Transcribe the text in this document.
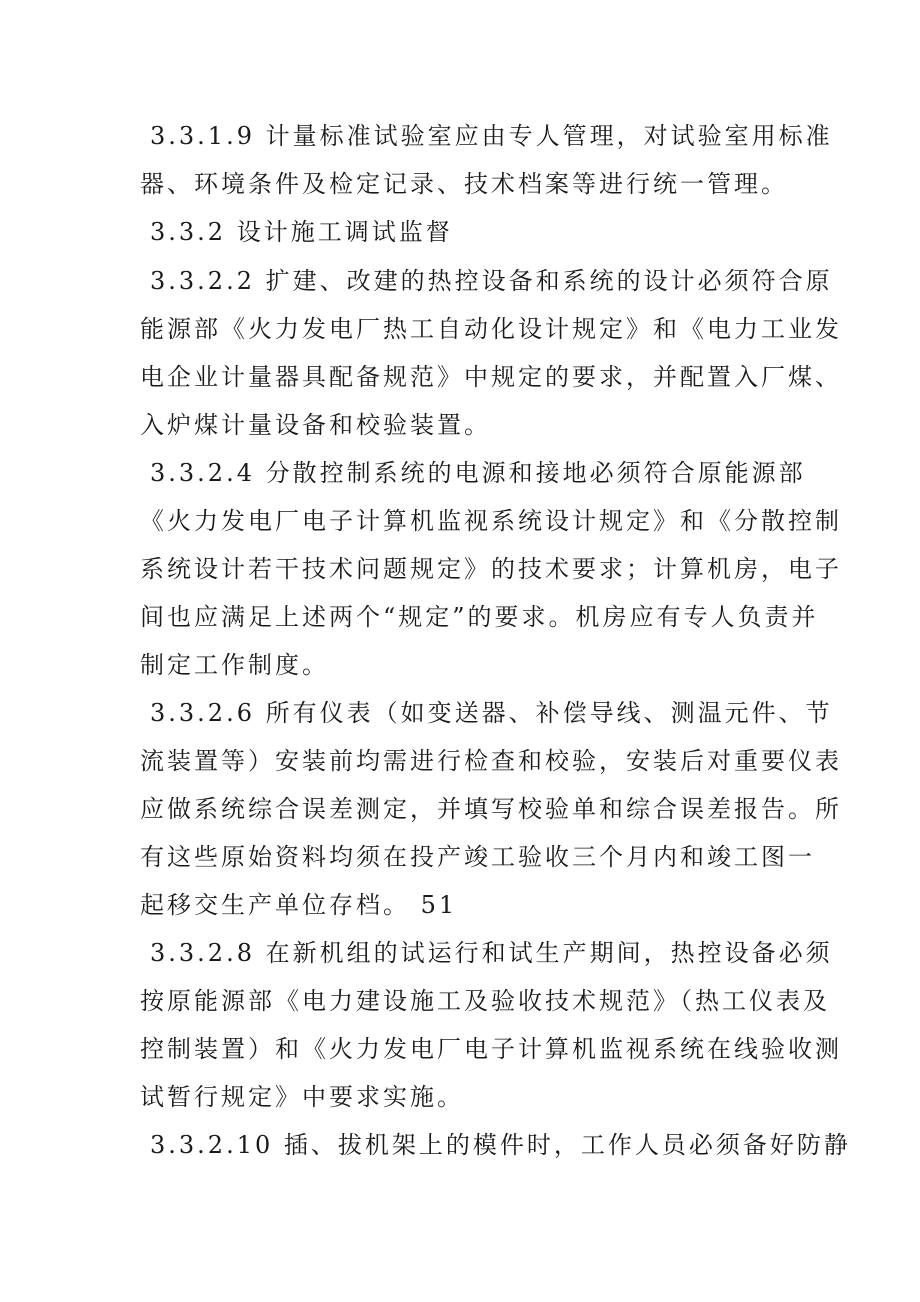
3.3.1.9 计量标准试验室应由专人管理，对试验室用标准
器、环境条件及检定记录、技术档案等进行统一管理。
3.3.2 设计施工调试监督
3.3.2.2 扩建、改建的热控设备和系统的设计必须符合原
能源部《火力发电厂热工自动化设计规定》和《电力工业发
电企业计量器具配备规范》中规定的要求，并配置入厂煤、
入炉煤计量设备和校验装置。
3.3.2.4 分散控制系统的电源和接地必须符合原能源部
《火力发电厂电子计算机监视系统设计规定》和《分散控制
系统设计若干技术问题规定》的技术要求；计算机房，电子
间也应满足上述两个“规定”的要求。机房应有专人负责并
制定工作制度。
3.3.2.6 所有仪表（如变送器、补偿导线、测温元件、节
流装置等）安装前均需进行检查和校验，安装后对重要仪表
应做系统综合误差测定，并填写校验单和综合误差报告。所
有这些原始资料均须在投产竣工验收三个月内和竣工图一
起移交生产单位存档。 51
3.3.2.8 在新机组的试运行和试生产期间，热控设备必须
按原能源部《电力建设施工及验收技术规范》（热工仪表及
控制装置）和《火力发电厂电子计算机监视系统在线验收测
试暂行规定》中要求实施。
3.3.2.10 插、拔机架上的模件时，工作人员必须备好防静
